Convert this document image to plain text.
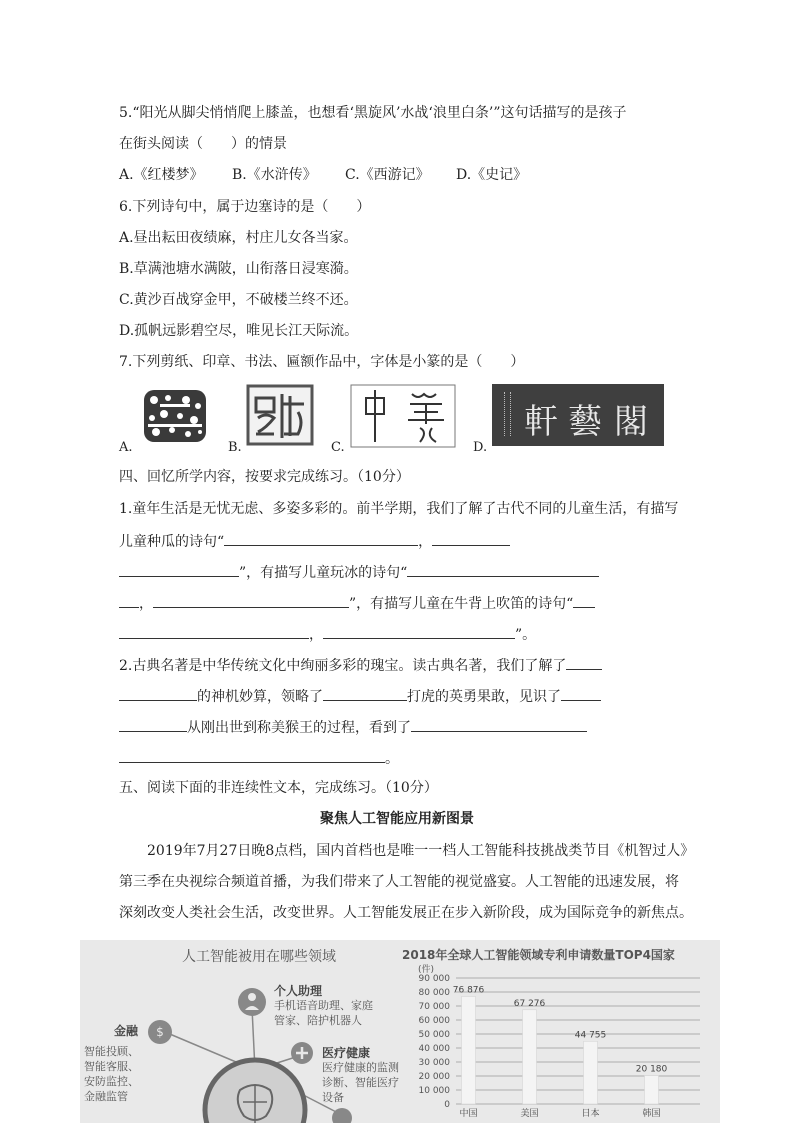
5.“阳光从脚尖悄悄爬上膝盖，也想看‘黑旋风’水战‘浪里白条’”这句话描写的是孩子
在街头阅读（　　）的情景
A.《红楼梦》 B.《水浒传》 C.《西游记》 D.《史记》
6.下列诗句中，属于边塞诗的是（　　）
A.昼出耘田夜绩麻，村庄儿女各当家。
B.草满池塘水满陂，山衔落日浸寒漪。
C.黄沙百战穿金甲，不破楼兰终不还。
D.孤帆远影碧空尽，唯见长江天际流。
7.下列剪纸、印章、书法、匾额作品中，字体是小篆的是（　　）
A.	B.	C.
軒 藝 閣
D.
四、回忆所学内容，按要求完成练习。（10分）
1.童年生活是无忧无虑、多姿多彩的。前半学期，我们了解了古代不同的儿童生活，有描写
儿童种瓜的诗句“	，
”，有描写儿童玩冰的诗句“
，	”，有描写儿童在牛背上吹笛的诗句“
，	”。
2.古典名著是中华传统文化中绚丽多彩的瑰宝。读古典名著，我们了解了
的神机妙算，领略了	打虎的英勇果敢，见识了
从刚出世到称美猴王的过程，看到了
。
五、阅读下面的非连续性文本，完成练习。（10分）
聚焦人工智能应用新图景
2019年7月27日晚8点档，国内首档也是唯一一档人工智能科技挑战类节目《机智过人》
第三季在央视综合频道首播，为我们带来了人工智能的视觉盛宴。人工智能的迅速发展，将
深刻改变人类社会生活，改变世界。人工智能发展正在步入新阶段，成为国际竞争的新焦点。
人工智能被用在哪些领域
$
个人助理
手机语音助理、家庭
管家、陪护机器人
金融
智能投顾、
智能客服、
安防监控、
金融监管
医疗健康
医疗健康的监测
诊断、智能医疗
设备
2018年全球人工智能领域专利申请数量TOP4国家
(件)
90 000
80 000
70 000
60 000
50 000
40 000
30 000
20 000
10 000
0
76 876
中国
67 276
美国
44 755
日本
20 180
韩国
